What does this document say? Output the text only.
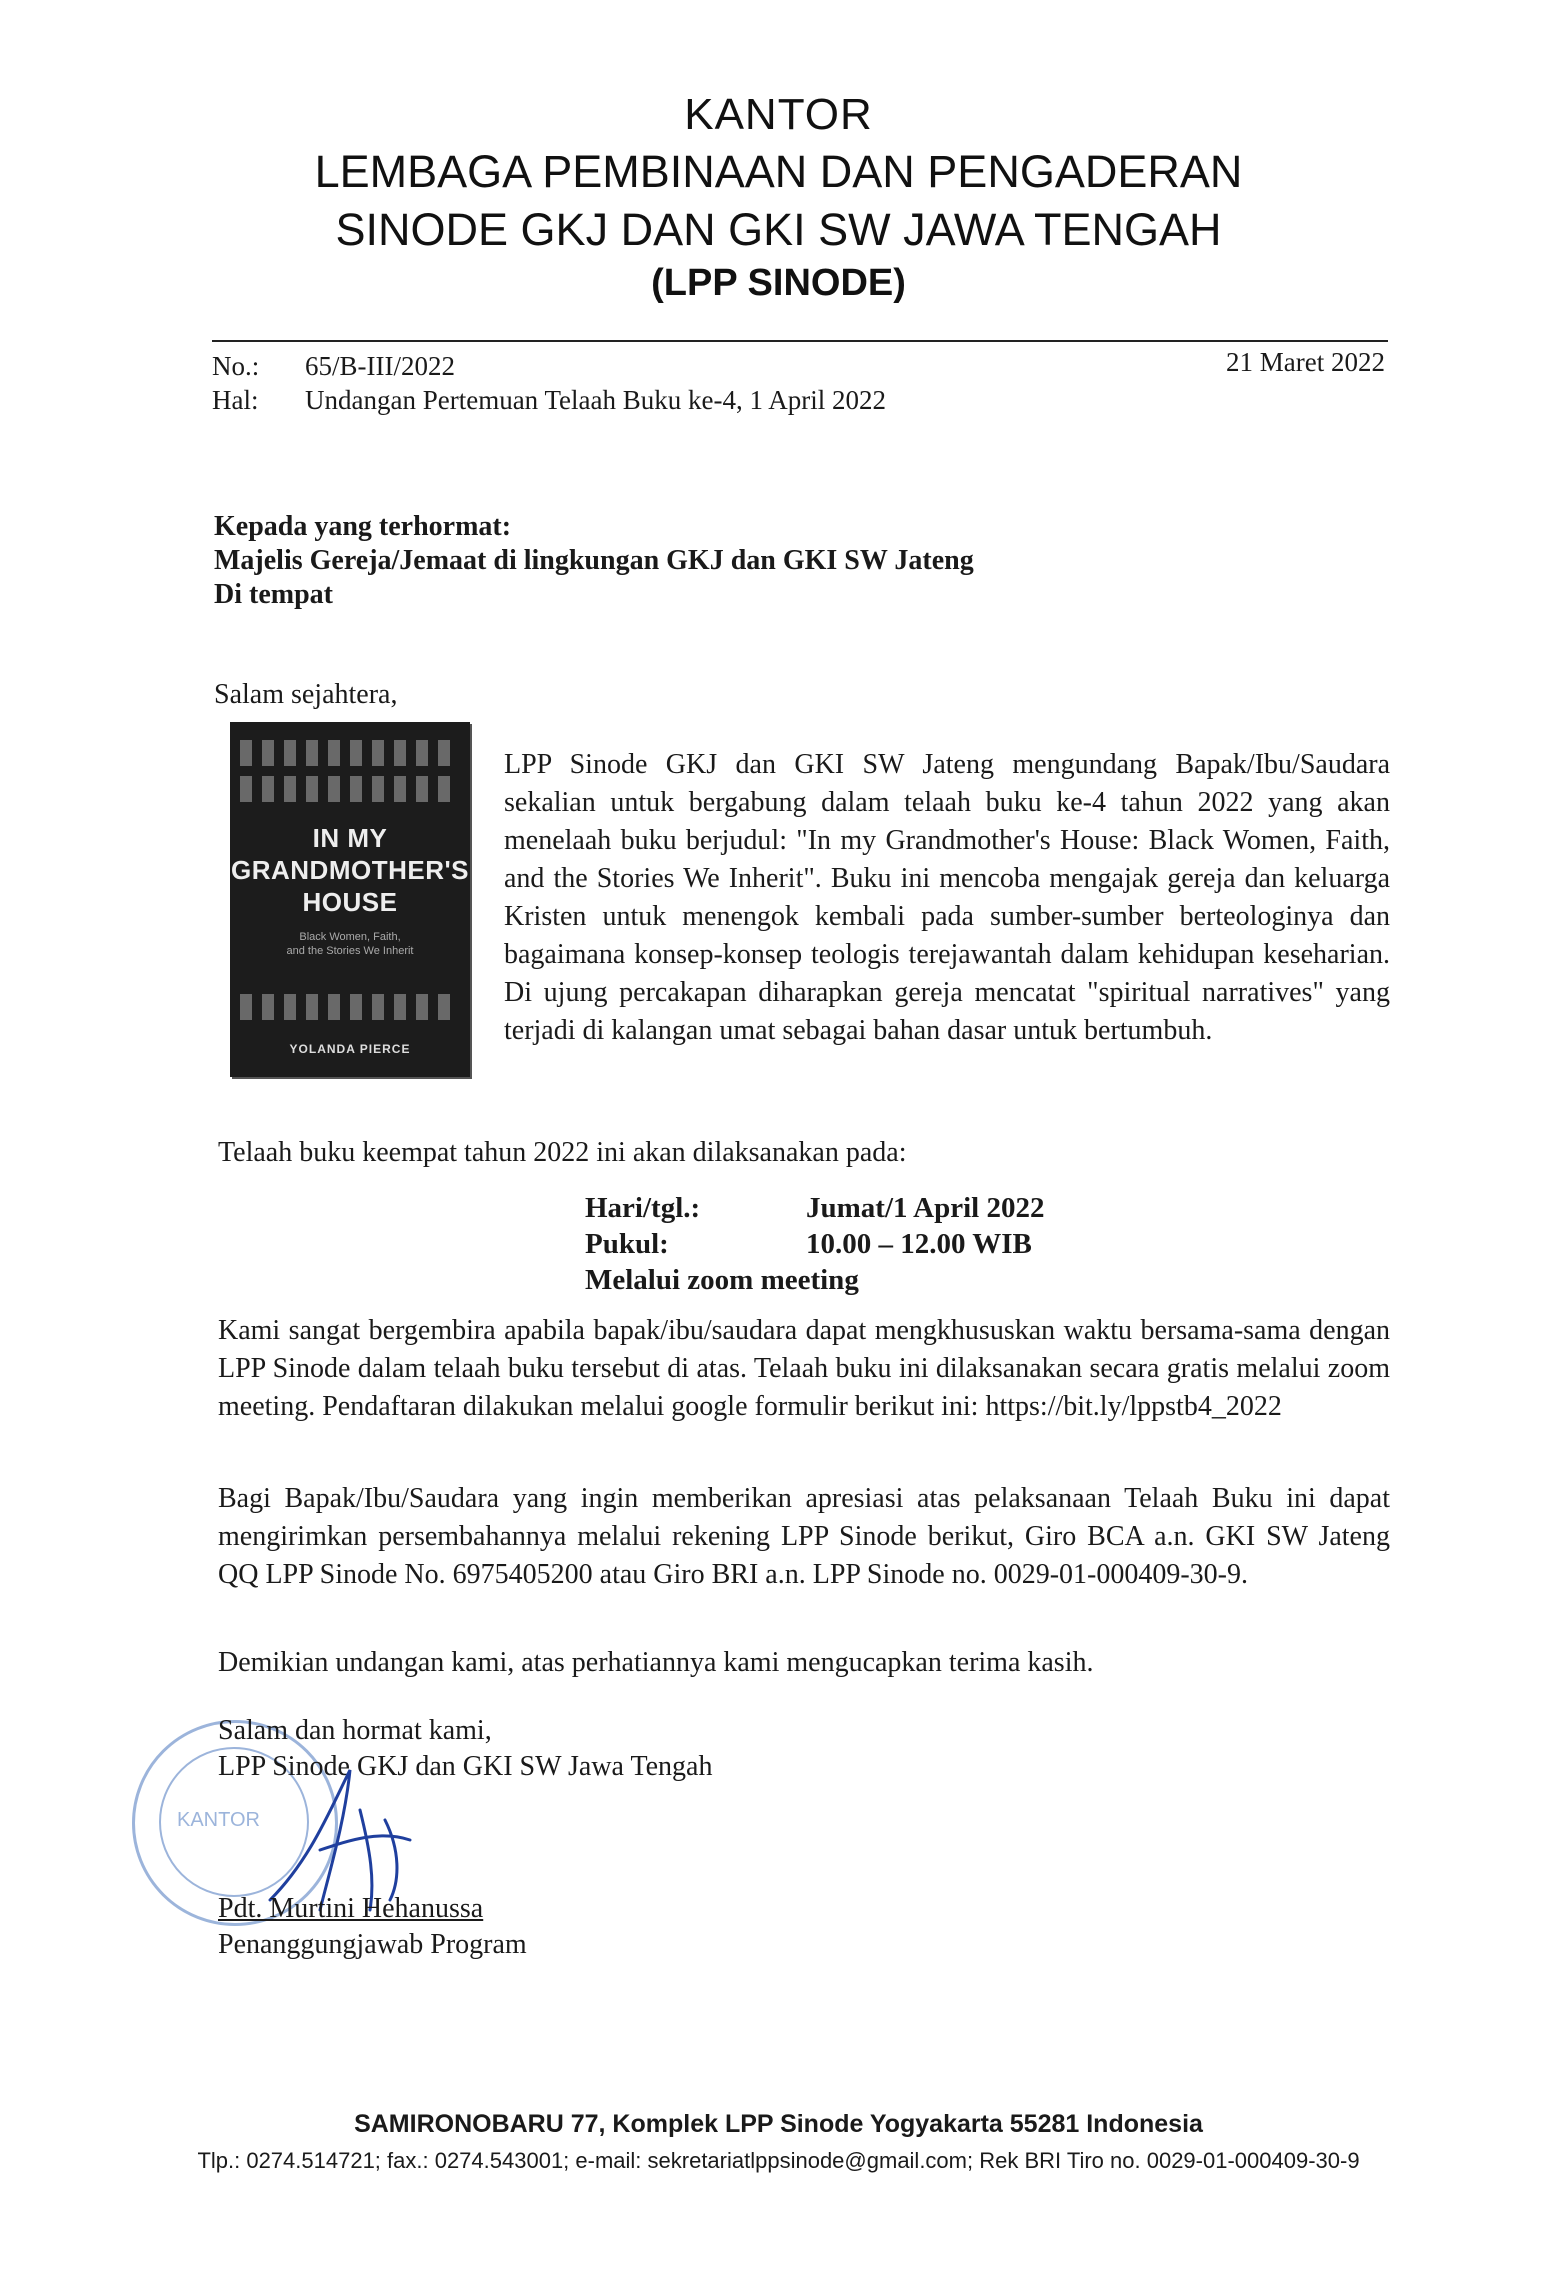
KANTOR
LEMBAGA PEMBINAAN DAN PENGADERAN
SINODE GKJ DAN GKI SW JAWA TENGAH
(LPP SINODE)
No.: 65/B-III/2022
Hal: Undangan Pertemuan Telaah Buku ke-4, 1 April 2022
21 Maret 2022
Kepada yang terhormat:
Majelis Gereja/Jemaat di lingkungan GKJ dan GKI SW Jateng
Di tempat
Salam sejahtera,
IN MY
GRANDMOTHER'S
HOUSE
Black Women, Faith,
and the Stories We Inherit
YOLANDA PIERCE
LPP Sinode GKJ dan GKI SW Jateng mengundang Bapak/Ibu/Saudara sekalian untuk bergabung dalam telaah buku ke-4 tahun 2022 yang akan menelaah buku berjudul: "In my Grandmother's House: Black Women, Faith, and the Stories We Inherit". Buku ini mencoba mengajak gereja dan keluarga Kristen untuk menengok kembali pada sumber-sumber berteologinya dan bagaimana konsep-konsep teologis terejawantah dalam kehidupan keseharian. Di ujung percakapan diharapkan gereja mencatat "spiritual narratives" yang terjadi di kalangan umat sebagai bahan dasar untuk bertumbuh.
Telaah buku keempat tahun 2022 ini akan dilaksanakan pada:
Hari/tgl.:	Jumat/1 April 2022
Pukul:	10.00 – 12.00 WIB
Melalui zoom meeting
Kami sangat bergembira apabila bapak/ibu/saudara dapat mengkhususkan waktu bersama-sama dengan LPP Sinode dalam telaah buku tersebut di atas. Telaah buku ini dilaksanakan secara gratis melalui zoom meeting. Pendaftaran dilakukan melalui google formulir berikut ini: https://bit.ly/lppstb4_2022
Bagi Bapak/Ibu/Saudara yang ingin memberikan apresiasi atas pelaksanaan Telaah Buku ini dapat mengirimkan persembahannya melalui rekening LPP Sinode berikut, Giro BCA a.n. GKI SW Jateng QQ LPP Sinode No. 6975405200 atau Giro BRI a.n. LPP Sinode no. 0029-01-000409-30-9.
Demikian undangan kami, atas perhatiannya kami mengucapkan terima kasih.
KANTOR
Salam dan hormat kami,
LPP Sinode GKJ dan GKI SW Jawa Tengah
Pdt. Murtini Hehanussa
Penanggungjawab Program
SAMIRONOBARU 77, Komplek LPP Sinode Yogyakarta 55281 Indonesia
Tlp.: 0274.514721; fax.: 0274.543001; e-mail: sekretariatlppsinode@gmail.com; Rek BRI Tiro no. 0029-01-000409-30-9
